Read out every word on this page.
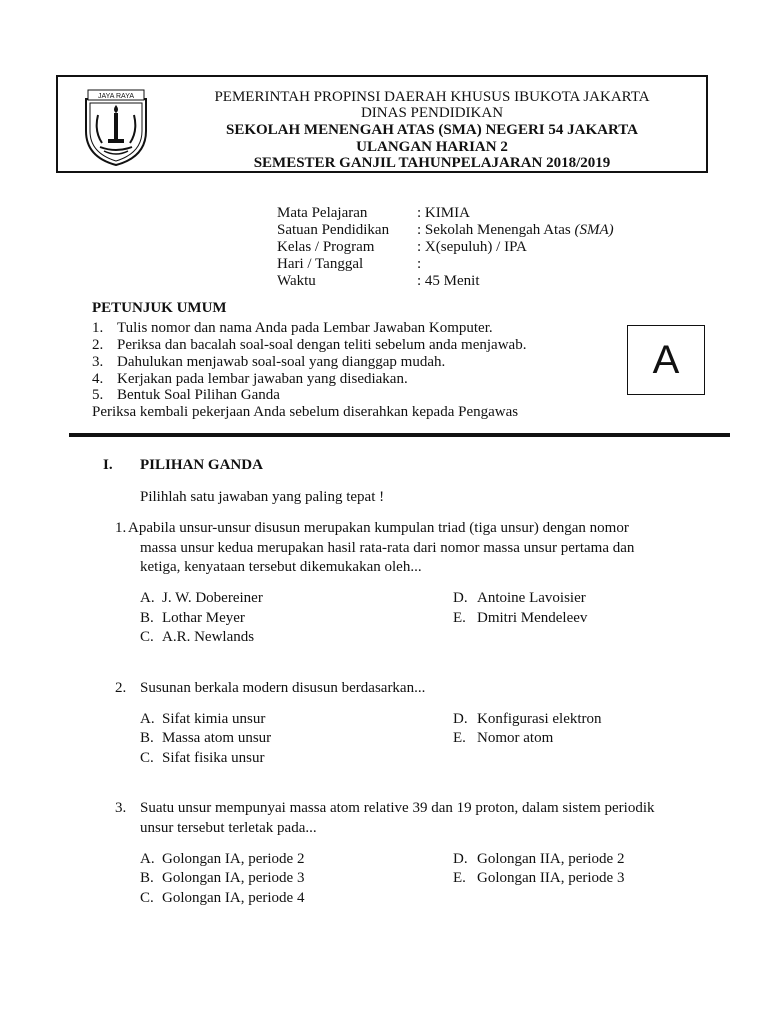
JAYA RAYA	PEMERINTAH PROPINSI DAERAH KHUSUS IBUKOTA JAKARTA
DINAS PENDIDIKAN
SEKOLAH MENENGAH ATAS (SMA) NEGERI 54 JAKARTA
ULANGAN HARIAN 2
SEMESTER GANJIL TAHUNPELAJARAN 2018/2019
Mata Pelajaran	: KIMIA
Satuan Pendidikan : Sekolah Menengah Atas (SMA)
Kelas / Program	: X(sepuluh) / IPA
Hari / Tanggal	:
Waktu	: 45 Menit
PETUNJUK UMUM
1. Tulis nomor dan nama Anda pada Lembar Jawaban Komputer.
2. Periksa dan bacalah soal-soal dengan teliti sebelum anda menjawab.
3. Dahulukan menjawab soal-soal yang dianggap mudah.
4. Kerjakan pada lembar jawaban yang disediakan.
5. Bentuk Soal Pilihan Ganda
Periksa kembali pekerjaan Anda sebelum diserahkan kepada Pengawas
A
I. PILIHAN GANDA
Pilihlah satu jawaban yang paling tepat !
1. Apabila unsur-unsur disusun merupakan kumpulan triad (tiga unsur) dengan nomor
massa unsur kedua merupakan hasil rata-rata dari nomor massa unsur pertama dan
ketiga, kenyataan tersebut dikemukakan oleh...
A. J. W. Dobereiner
B. Lothar Meyer
C. A.R. Newlands
D. Antoine Lavoisier
E. Dmitri Mendeleev
2. Susunan berkala modern disusun berdasarkan...
A. Sifat kimia unsur
B. Massa atom unsur
C. Sifat fisika unsur
D. Konfigurasi elektron
E. Nomor atom
3. Suatu unsur mempunyai massa atom relative 39 dan 19 proton, dalam sistem periodik
unsur tersebut terletak pada...
A. Golongan IA, periode 2
B. Golongan IA, periode 3
C. Golongan IA, periode 4
D. Golongan IIA, periode 2
E. Golongan IIA, periode 3
